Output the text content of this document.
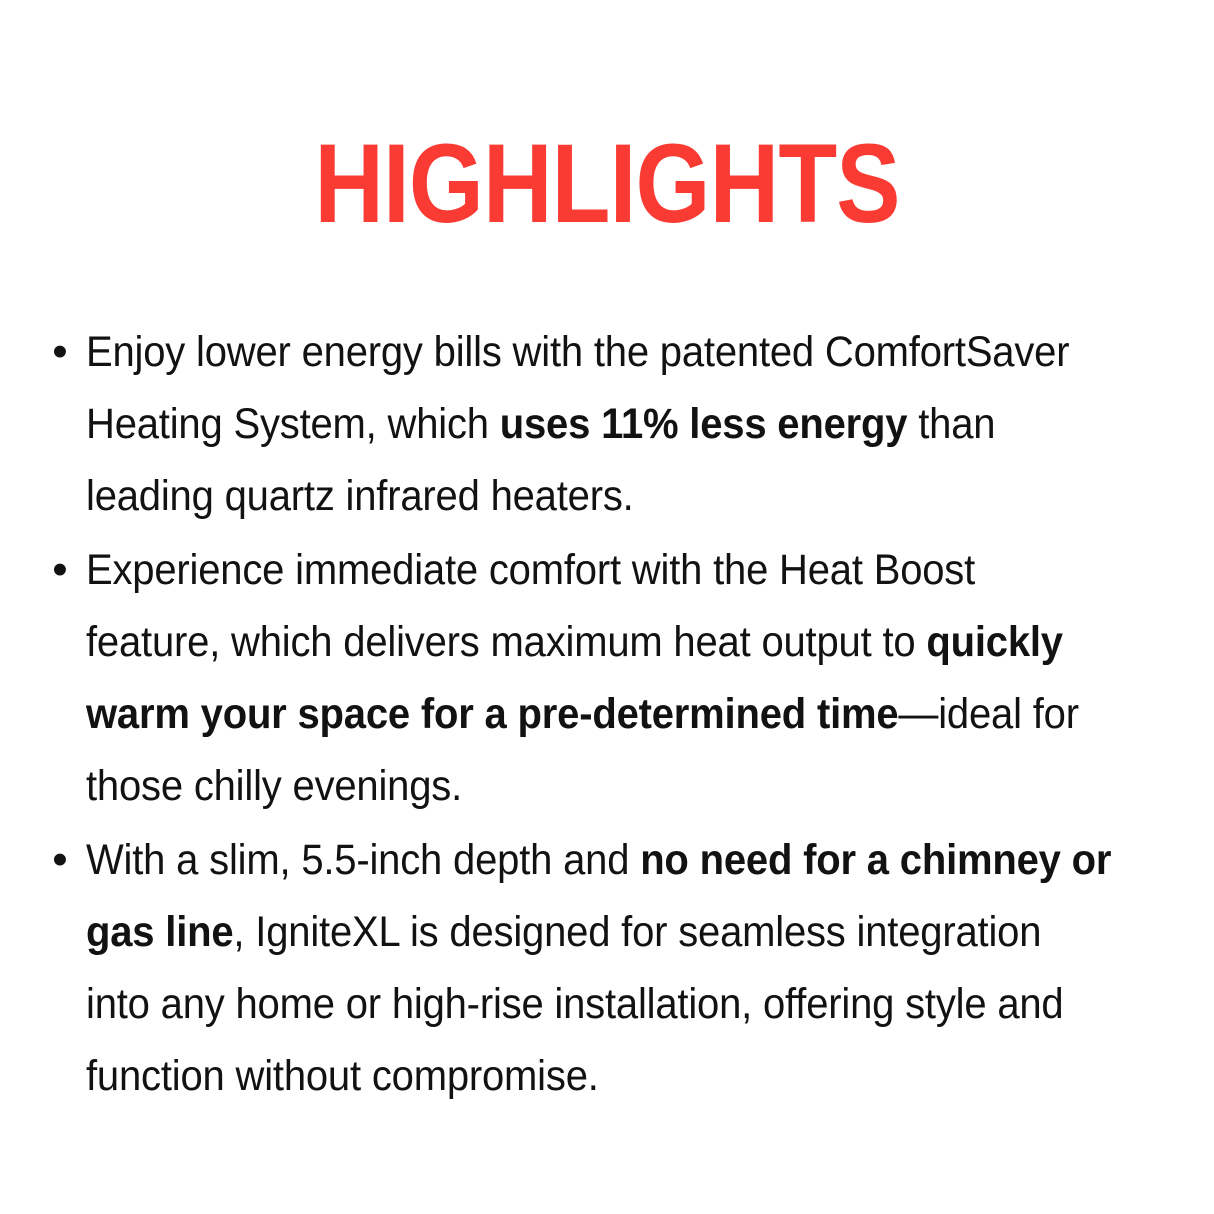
HIGHLIGHTS
• Enjoy lower energy bills with the patented ComfortSaver Heating System, which uses 11% less energy than leading quartz infrared heaters.
• Experience immediate comfort with the Heat Boost feature, which delivers maximum heat output to quickly warm your space for a pre-determined time—ideal for those chilly evenings.
• With a slim, 5.5-inch depth and no need for a chimney or gas line, IgniteXL is designed for seamless integration into any home or high-rise installation, offering style and function without compromise.
